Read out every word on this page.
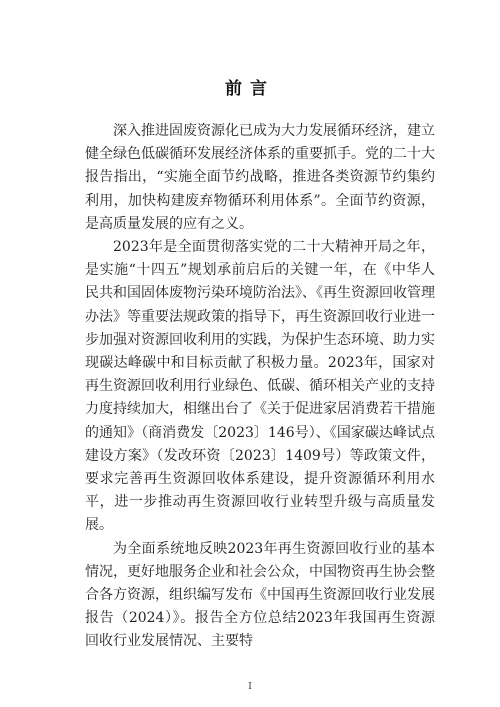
前言

深入推进固废资源化已成为大力发展循环经济，建立健全绿色低碳循环发展经济体系的重要抓手。党的二十大报告指出，“实施全面节约战略，推进各类资源节约集约利用，加快构建废弃物循环利用体系”。全面节约资源，是高质量发展的应有之义。

2023年是全面贯彻落实党的二十大精神开局之年，是实施“十四五”规划承前启后的关键一年，在《中华人民共和国固体废物污染环境防治法》、《再生资源回收管理办法》等重要法规政策的指导下，再生资源回收行业进一步加强对资源回收利用的实践，为保护生态环境、助力实现碳达峰碳中和目标贡献了积极力量。2023年，国家对再生资源回收利用行业绿色、低碳、循环相关产业的支持力度持续加大，相继出台了《关于促进家居消费若干措施的通知》（商消费发〔2023〕146号）、《国家碳达峰试点建设方案》（发改环资〔2023〕1409号）等政策文件，要求完善再生资源回收体系建设，提升资源循环利用水平，进一步推动再生资源回收行业转型升级与高质量发展。

为全面系统地反映2023年再生资源回收行业的基本情况，更好地服务企业和社会公众，中国物资再生协会整合各方资源，组织编写发布《中国再生资源回收行业发展报告（2024）》。报告全方位总结2023年我国再生资源回收行业发展情况、主要特

I
